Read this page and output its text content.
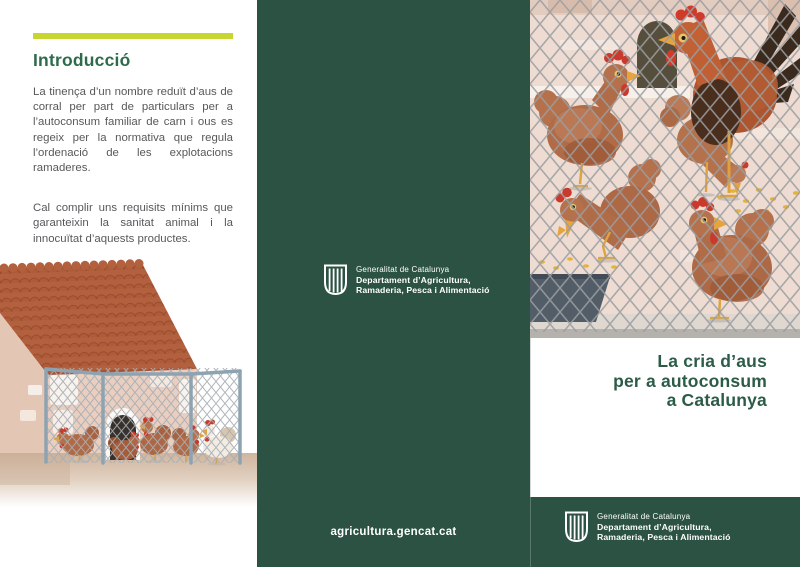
Introducció

La tinença d’un nombre reduït d’aus de corral per part de particulars per a l’autoconsum familiar de carn i ous es regeix per la normativa que regula l’ordenació de les explotacions ramaderes.

Cal complir uns requisits mínims que garanteixin la sanitat animal i la innocuïtat d’aquests productes.

Generalitat de Catalunya
Departament d’Agricultura,
Ramaderia, Pesca i Alimentació
agricultura.gencat.cat
La cria d’aus
per a autoconsum
a Catalunya
Generalitat de Catalunya
Departament d’Agricultura,
Ramaderia, Pesca i Alimentació
